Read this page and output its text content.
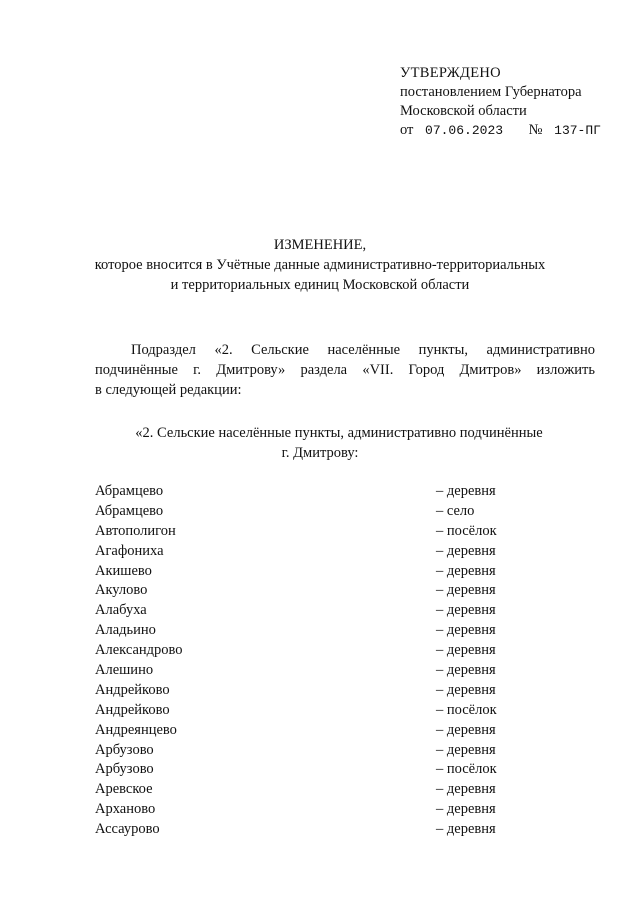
УТВЕРЖДЕНО
постановлением Губернатора
Московской области
от 07.06.2023 № 137-ПГ
ИЗМЕНЕНИЕ,
которое вносится в Учётные данные административно-территориальных
и территориальных единиц Московской области
Подраздел «2. Сельские населённые пункты, административно
подчинённые г. Дмитрову» раздела «VII. Город Дмитров» изложить
в следующей редакции:
«2. Сельские населённые пункты, административно подчинённые
г. Дмитрову:
Абрамцево	– деревня
Абрамцево	– село
Автополигон	– посёлок
Агафониха	– деревня
Акишево	– деревня
Акулово	– деревня
Алабуха	– деревня
Аладьино	– деревня
Александрово	– деревня
Алешино	– деревня
Андрейково	– деревня
Андрейково	– посёлок
Андреянцево	– деревня
Арбузово	– деревня
Арбузово	– посёлок
Аревское	– деревня
Арханово	– деревня
Ассаурово	– деревня
